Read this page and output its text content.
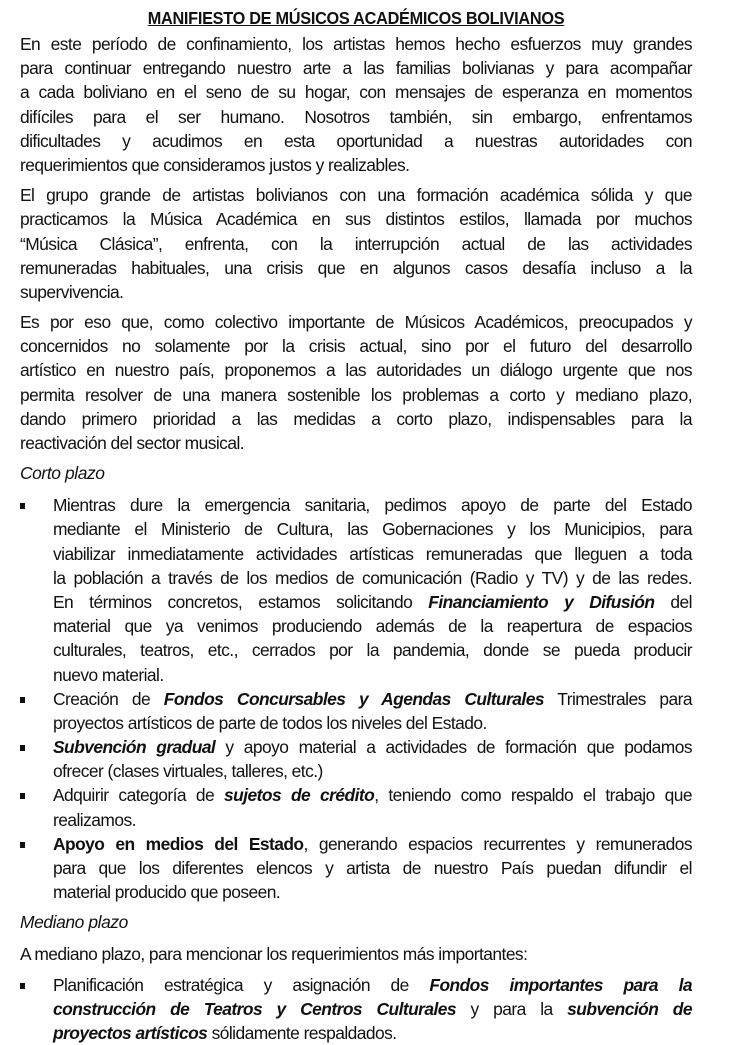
MANIFIESTO DE MÚSICOS ACADÉMICOS BOLIVIANOS
En este período de confinamiento, los artistas hemos hecho esfuerzos muy grandes
para continuar entregando nuestro arte a las familias bolivianas y para acompañar
a cada boliviano en el seno de su hogar, con mensajes de esperanza en momentos
difíciles para el ser humano. Nosotros también, sin embargo, enfrentamos
dificultades y acudimos en esta oportunidad a nuestras autoridades con
requerimientos que consideramos justos y realizables.
El grupo grande de artistas bolivianos con una formación académica sólida y que
practicamos la Música Académica en sus distintos estilos, llamada por muchos
“Música Clásica”, enfrenta, con la interrupción actual de las actividades
remuneradas habituales, una crisis que en algunos casos desafía incluso a la
supervivencia.
Es por eso que, como colectivo importante de Músicos Académicos, preocupados y
concernidos no solamente por la crisis actual, sino por el futuro del desarrollo
artístico en nuestro país, proponemos a las autoridades un diálogo urgente que nos
permita resolver de una manera sostenible los problemas a corto y mediano plazo,
dando primero prioridad a las medidas a corto plazo, indispensables para la
reactivación del sector musical.
Corto plazo
Mientras dure la emergencia sanitaria, pedimos apoyo de parte del Estado
mediante el Ministerio de Cultura, las Gobernaciones y los Municipios, para
viabilizar inmediatamente actividades artísticas remuneradas que lleguen a toda
la población a través de los medios de comunicación (Radio y TV) y de las redes.
En términos concretos, estamos solicitando Financiamiento y Difusión del
material que ya venimos produciendo además de la reapertura de espacios
culturales, teatros, etc., cerrados por la pandemia, donde se pueda producir
nuevo material.
Creación de Fondos Concursables y Agendas Culturales Trimestrales para
proyectos artísticos de parte de todos los niveles del Estado.
Subvención gradual y apoyo material a actividades de formación que podamos
ofrecer (clases virtuales, talleres, etc.)
Adquirir categoría de sujetos de crédito, teniendo como respaldo el trabajo que
realizamos.
Apoyo en medios del Estado, generando espacios recurrentes y remunerados
para que los diferentes elencos y artista de nuestro País puedan difundir el
material producido que poseen.
Mediano plazo
A mediano plazo, para mencionar los requerimientos más importantes:
Planificación estratégica y asignación de Fondos importantes para la
construcción de Teatros y Centros Culturales y para la subvención de
proyectos artísticos sólidamente respaldados.
